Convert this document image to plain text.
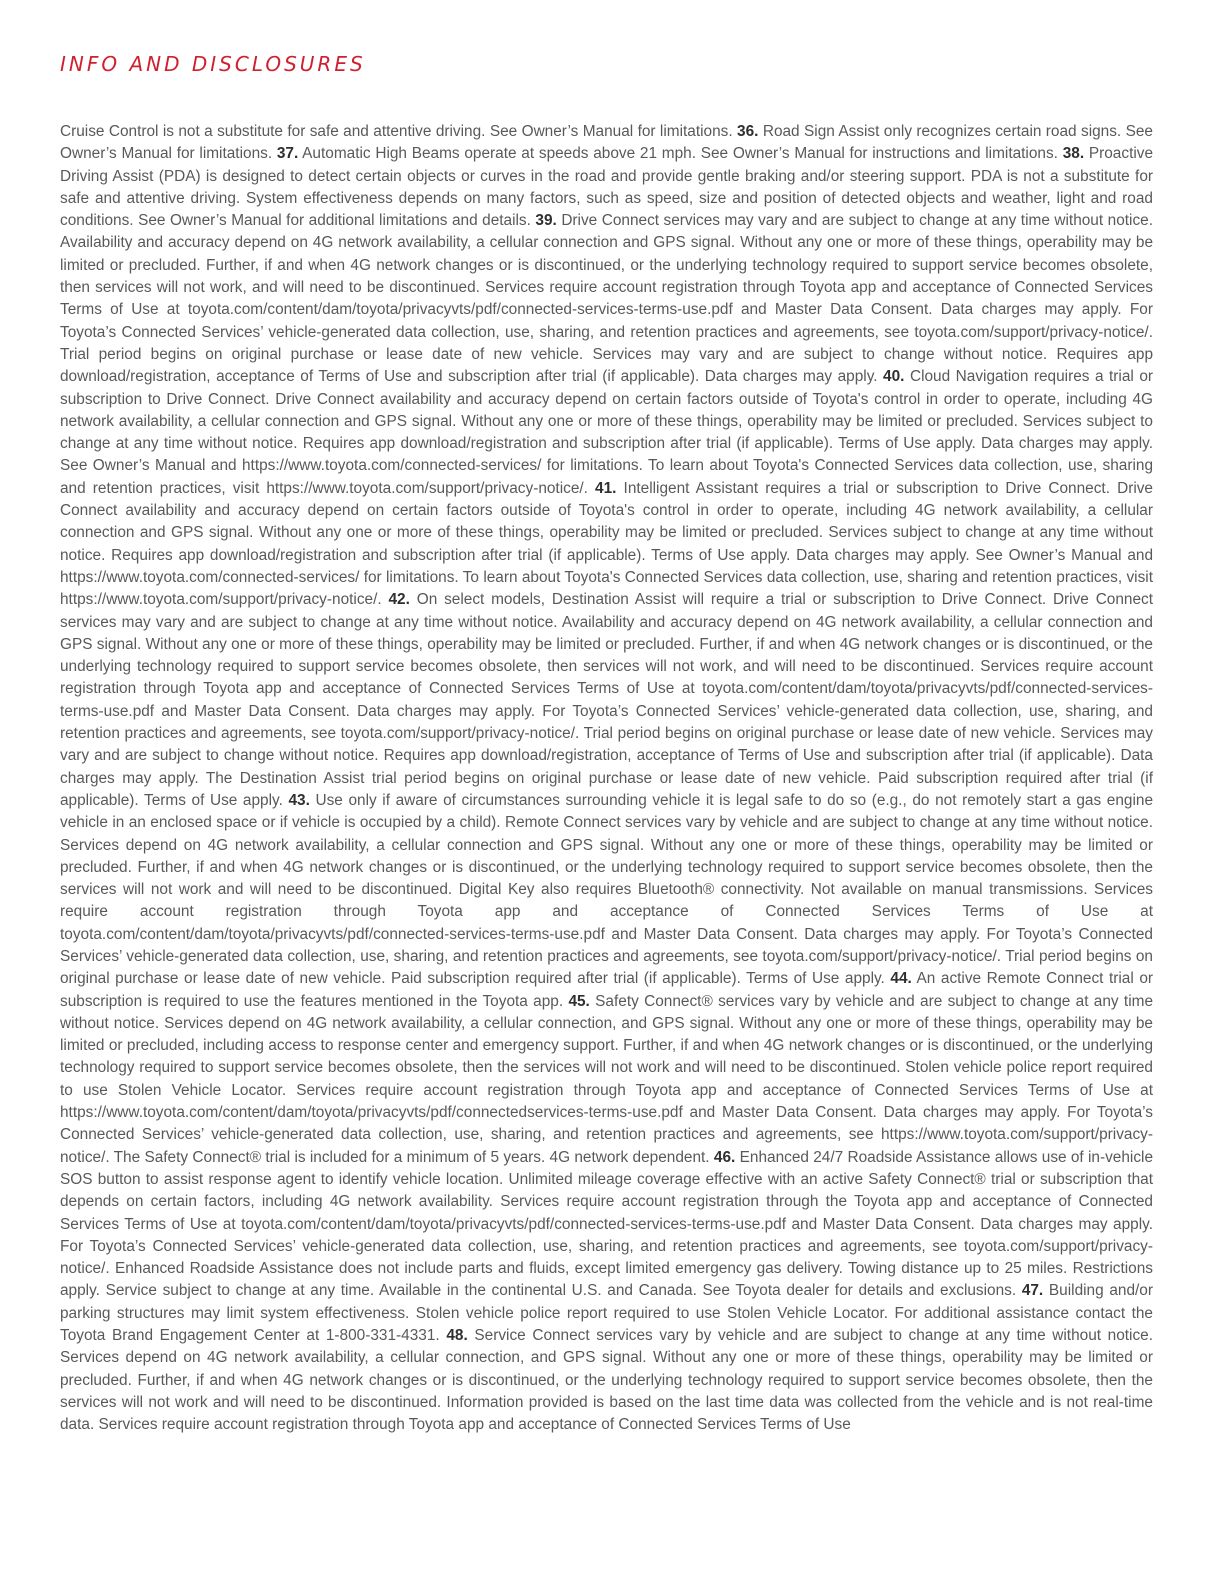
INFO AND DISCLOSURES

Cruise Control is not a substitute for safe and attentive driving. See Owner’s Manual for limitations. 36. Road Sign Assist only recognizes certain road signs. See Owner’s Manual for limitations. 37. Automatic High Beams operate at speeds above 21 mph. See Owner’s Manual for instructions and limitations. 38. Proactive Driving Assist (PDA) is designed to detect certain objects or curves in the road and provide gentle braking and/or steering support. PDA is not a substitute for safe and attentive driving. System effectiveness depends on many factors, such as speed, size and position of detected objects and weather, light and road conditions. See Owner’s Manual for additional limitations and details. 39. Drive Connect services may vary and are subject to change at any time without notice. Availability and accuracy depend on 4G network availability, a cellular connection and GPS signal. Without any one or more of these things, operability may be limited or precluded. Further, if and when 4G network changes or is discontinued, or the underlying technology required to support service becomes obsolete, then services will not work, and will need to be discontinued. Services require account registration through Toyota app and acceptance of Connected Services Terms of Use at toyota.com/content/dam/toyota/privacyvts/pdf/connected-services-terms-use.pdf and Master Data Consent. Data charges may apply. For Toyota’s Connected Services’ vehicle-generated data collection, use, sharing, and retention practices and agreements, see toyota.com/support/privacy-notice/. Trial period begins on original purchase or lease date of new vehicle. Services may vary and are subject to change without notice. Requires app download/registration, acceptance of Terms of Use and subscription after trial (if applicable). Data charges may apply. 40. Cloud Navigation requires a trial or subscription to Drive Connect. Drive Connect availability and accuracy depend on certain factors outside of Toyota's control in order to operate, including 4G network availability, a cellular connection and GPS signal. Without any one or more of these things, operability may be limited or precluded. Services subject to change at any time without notice. Requires app download/registration and subscription after trial (if applicable). Terms of Use apply. Data charges may apply. See Owner’s Manual and https://www.toyota.com/connected-services/ for limitations. To learn about Toyota's Connected Services data collection, use, sharing and retention practices, visit https://www.toyota.com/support/privacy-notice/. 41. Intelligent Assistant requires a trial or subscription to Drive Connect. Drive Connect availability and accuracy depend on certain factors outside of Toyota's control in order to operate, including 4G network availability, a cellular connection and GPS signal. Without any one or more of these things, operability may be limited or precluded. Services subject to change at any time without notice. Requires app download/registration and subscription after trial (if applicable). Terms of Use apply. Data charges may apply. See Owner’s Manual and https://www.toyota.com/connected-services/ for limitations. To learn about Toyota's Connected Services data collection, use, sharing and retention practices, visit https://www.toyota.com/support/privacy-notice/. 42. On select models, Destination Assist will require a trial or subscription to Drive Connect. Drive Connect services may vary and are subject to change at any time without notice. Availability and accuracy depend on 4G network availability, a cellular connection and GPS signal. Without any one or more of these things, operability may be limited or precluded. Further, if and when 4G network changes or is discontinued, or the underlying technology required to support service becomes obsolete, then services will not work, and will need to be discontinued. Services require account registration through Toyota app and acceptance of Connected Services Terms of Use at toyota.com/content/dam/toyota/privacyvts/pdf/connected-services-terms-use.pdf and Master Data Consent. Data charges may apply. For Toyota’s Connected Services’ vehicle-generated data collection, use, sharing, and retention practices and agreements, see toyota.com/support/privacy-notice/. Trial period begins on original purchase or lease date of new vehicle. Services may vary and are subject to change without notice. Requires app download/registration, acceptance of Terms of Use and subscription after trial (if applicable). Data charges may apply. The Destination Assist trial period begins on original purchase or lease date of new vehicle. Paid subscription required after trial (if applicable). Terms of Use apply. 43. Use only if aware of circumstances surrounding vehicle it is legal safe to do so (e.g., do not remotely start a gas engine vehicle in an enclosed space or if vehicle is occupied by a child). Remote Connect services vary by vehicle and are subject to change at any time without notice. Services depend on 4G network availability, a cellular connection and GPS signal. Without any one or more of these things, operability may be limited or precluded. Further, if and when 4G network changes or is discontinued, or the underlying technology required to support service becomes obsolete, then the services will not work and will need to be discontinued. Digital Key also requires Bluetooth® connectivity. Not available on manual transmissions. Services require account registration through Toyota app and acceptance of Connected Services Terms of Use at toyota.com/content/dam/toyota/privacyvts/pdf/connected-services-terms-use.pdf and Master Data Consent. Data charges may apply. For Toyota’s Connected Services’ vehicle-generated data collection, use, sharing, and retention practices and agreements, see toyota.com/support/privacy-notice/. Trial period begins on original purchase or lease date of new vehicle. Paid subscription required after trial (if applicable). Terms of Use apply. 44. An active Remote Connect trial or subscription is required to use the features mentioned in the Toyota app. 45. Safety Connect® services vary by vehicle and are subject to change at any time without notice. Services depend on 4G network availability, a cellular connection, and GPS signal. Without any one or more of these things, operability may be limited or precluded, including access to response center and emergency support. Further, if and when 4G network changes or is discontinued, or the underlying technology required to support service becomes obsolete, then the services will not work and will need to be discontinued. Stolen vehicle police report required to use Stolen Vehicle Locator. Services require account registration through Toyota app and acceptance of Connected Services Terms of Use at https://www.toyota.com/content/dam/toyota/privacyvts/pdf/connectedservices-terms-use.pdf and Master Data Consent. Data charges may apply. For Toyota’s Connected Services’ vehicle-generated data collection, use, sharing, and retention practices and agreements, see https://www.toyota.com/support/privacy-notice/. The Safety Connect® trial is included for a minimum of 5 years. 4G network dependent. 46. Enhanced 24/7 Roadside Assistance allows use of in-vehicle SOS button to assist response agent to identify vehicle location. Unlimited mileage coverage effective with an active Safety Connect® trial or subscription that depends on certain factors, including 4G network availability. Services require account registration through the Toyota app and acceptance of Connected Services Terms of Use at toyota.com/content/dam/toyota/privacyvts/pdf/connected-services-terms-use.pdf and Master Data Consent. Data charges may apply. For Toyota’s Connected Services’ vehicle-generated data collection, use, sharing, and retention practices and agreements, see toyota.com/support/privacy-notice/. Enhanced Roadside Assistance does not include parts and fluids, except limited emergency gas delivery. Towing distance up to 25 miles. Restrictions apply. Service subject to change at any time. Available in the continental U.S. and Canada. See Toyota dealer for details and exclusions. 47. Building and/or parking structures may limit system effectiveness. Stolen vehicle police report required to use Stolen Vehicle Locator. For additional assistance contact the Toyota Brand Engagement Center at 1-800-331-4331. 48. Service Connect services vary by vehicle and are subject to change at any time without notice. Services depend on 4G network availability, a cellular connection, and GPS signal. Without any one or more of these things, operability may be limited or precluded. Further, if and when 4G network changes or is discontinued, or the underlying technology required to support service becomes obsolete, then the services will not work and will need to be discontinued. Information provided is based on the last time data was collected from the vehicle and is not real-time data. Services require account registration through Toyota app and acceptance of Connected Services Terms of Use
